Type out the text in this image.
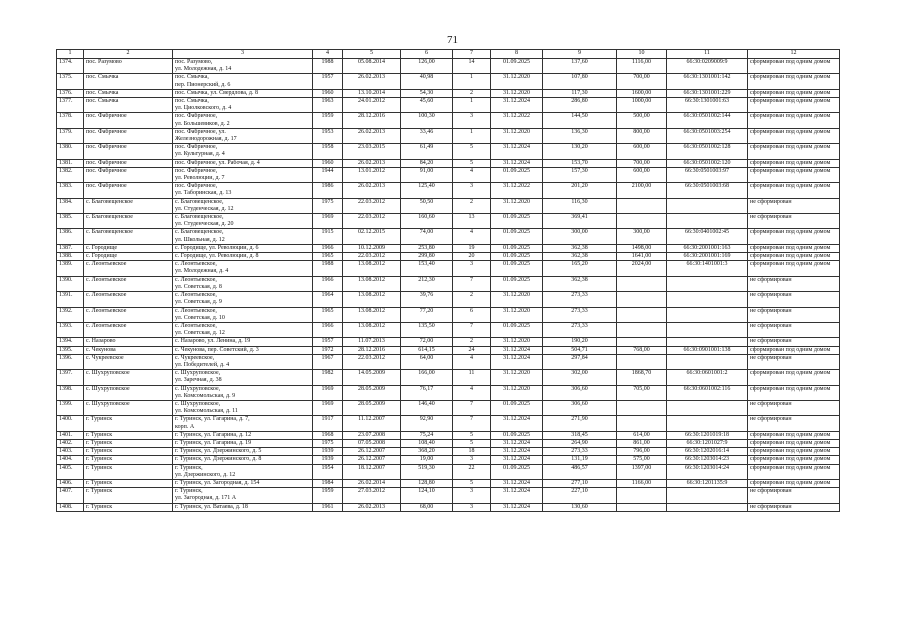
71
1	2	3	4	5	6	7	8	9	10	11	12
1374.	пос. Разумово	пос. Разумово,
ул. Молодежная, д. 14	1988	05.08.2014	126,00	14	01.09.2025	137,60	1116,00	66:30:0209009:9	сформирован под одним домом
1375.	пос. Смычка	пос. Смычка,
пер. Пионерский, д. 6	1957	26.02.2013	40,98	1	31.12.2020	107,80	700,00	66:30:1301001:142	сформирован под одним домом
1376.	пос. Смычка	пос. Смычка, ул. Свердлова, д. 8	1960	13.10.2014	54,30	2	31.12.2020	117,30	1600,00	66:30:1301001:229	сформирован под одним домом
1377.	пос. Смычка	пос. Смычка,
ул. Циолковского, д. 4	1963	24.01.2012	45,60	1	31.12.2024	286,80	1000,00	66:30:1301001:63	сформирован под одним домом
1378.	пос. Фабричное	пос. Фабричное,
ул. Большевиков, д. 2	1959	28.12.2016	100,30	3	31.12.2022	144,50	500,00	66:30:0501002:144	сформирован под одним домом
1379.	пос. Фабричное	пос. Фабричное, ул.
Железнодорожная, д. 17	1953	26.02.2013	33,46	1	31.12.2020	136,30	800,00	66:30:0501003:254	сформирован под одним домом
1380.	пос. Фабричное	пос. Фабричное,
ул. Культурная, д. 4	1958	23.03.2015	61,49	5	31.12.2024	130,20	600,00	66:30:0501002:128	сформирован под одним домом
1381.	пос. Фабричное	пос. Фабричное, ул. Рабочая, д. 4	1960	26.02.2013	84,20	5	31.12.2024	153,70	700,00	66:30:0501002:120	сформирован под одним домом
1382.	пос. Фабричное	пос. Фабричное,
ул. Революции, д. 7	1944	13.01.2012	91,00	4	01.09.2025	157,30	600,00	66:30:0501003:97	сформирован под одним домом
1383.	пос. Фабричное	пос. Фабричное,
ул. Таборинская, д. 13	1986	26.02.2013	125,40	3	31.12.2022	201,20	2100,00	66:30:0501003:68	сформирован под одним домом
1384.	с. Благовещенское	с. Благовещенское,
ул. Студенческая, д. 12	1975	22.03.2012	50,50	2	31.12.2020	116,30			не сформирован
1385.	с. Благовещенское	с. Благовещенское,
ул. Студенческая, д. 20	1969	22.03.2012	160,60	13	01.09.2025	369,41			не сформирован
1386.	с. Благовещенское	с. Благовещенское,
ул. Школьная, д. 12	1915	02.12.2015	74,00	4	01.09.2025	300,00	300,00	66:30:0401002:45	сформирован под одним домом
1387.	с. Городище	с. Городище, ул. Революции, д. 6	1966	10.12.2009	253,80	19	01.09.2025	362,38	1498,00	66:30:2001001:163	сформирован под одним домом
1388.	с. Городище	с. Городище, ул. Революции, д. 8	1965	22.03.2012	299,80	20	01.09.2025	362,38	1641,00	66:30:2001001:169	сформирован под одним домом
1389.	с. Леонтьевское	с. Леонтьевское,
ул. Молодежная, д. 4	1988	13.08.2012	153,40	3	01.09.2025	165,20	2024,00	66:30:1401001:3	сформирован под одним домом
1390.	с. Леонтьевское	с. Леонтьевское,
ул. Советская, д. 8	1966	13.08.2012	212,30	7	01.09.2025	362,38			не сформирован
1391.	с. Леонтьевское	с. Леонтьевское,
ул. Советская, д. 9	1964	13.08.2012	39,76	2	31.12.2020	273,33			не сформирован
1392.	с. Леонтьевское	с. Леонтьевское,
ул. Советская, д. 10	1965	13.08.2012	77,20	6	31.12.2020	273,33			не сформирован
1393.	с. Леонтьевское	с. Леонтьевское,
ул. Советская, д. 12	1966	13.08.2012	135,50	7	01.09.2025	273,33			не сформирован
1394.	с. Назарово	с. Назарово, ул. Ленина, д. 19	1957	11.07.2013	72,00	2	31.12.2020	190,20			не сформирован
1395.	с. Чекунова	с. Чекунова, пер. Советский, д. 3	1972	28.12.2016	614,15	24	31.12.2024	504,71	768,00	66:30:0901001:138	сформирован под одним домом
1396.	с. Чукреевское	с. Чукреевское,
ул. Победителей, д. 4	1967	22.03.2012	64,00	4	31.12.2024	297,84			не сформирован
1397.	с. Шухруповское	с. Шухруповское,
ул. Заречная, д. 38	1982	14.05.2009	166,00	11	31.12.2020	302,00	1868,70	66:30:0601001:2	сформирован под одним домом
1398.	с. Шухруповское	с. Шухруповское,
ул. Комсомольская, д. 9	1969	28.05.2009	76,17	4	31.12.2020	306,60	705,00	66:30:0601002:116	сформирован под одним домом
1399.	с. Шухруповское	с. Шухруповское,
ул. Комсомольская, д. 11	1969	28.05.2009	146,40	7	01.09.2025	306,60			не сформирован
1400.	г. Туринск	г. Туринск, ул. Гагарина, д. 7,
корп. А	1917	11.12.2007	92,90	7	31.12.2024	271,90			не сформирован
1401.	г. Туринск	г. Туринск, ул. Гагарина, д. 12	1968	23.07.2008	75,24	5	01.09.2025	318,45	614,00	66:30:1201019:18	сформирован под одним домом
1402.	г. Туринск	г. Туринск, ул. Гагарина, д. 19	1975	07.05.2008	108,40	5	31.12.2024	264,90	861,00	66:30:1201027:9	сформирован под одним домом
1403.	г. Туринск	г. Туринск, ул. Дзержинского, д. 5	1939	26.12.2007	368,20	18	31.12.2024	273,33	796,00	66:30:1202016:14	сформирован под одним домом
1404.	г. Туринск	г. Туринск, ул. Дзержинского, д. 8	1939	26.12.2007	19,00	3	31.12.2024	131,19	575,00	66:30:1203014:23	сформирован под одним домом
1405.	г. Туринск	г. Туринск,
ул. Дзержинского, д. 12	1954	18.12.2007	519,30	22	01.09.2025	486,57	1397,00	66:30:1203014:24	сформирован под одним домом
1406.	г. Туринск	г. Туринск, ул. Загородная, д. 154	1984	26.02.2014	128,80	5	31.12.2024	277,10	1166,00	66:30:1201135:9	сформирован под одним домом
1407.	г. Туринск	г. Туринск,
ул. Загородная, д. 171 А	1959	27.03.2012	124,10	3	31.12.2024	227,10			не сформирован
1408.	г. Туринск	г. Туринск, ул. Ватаева, д. 18	1961	26.02.2013	68,00	3	31.12.2024	130,60			не сформирован
